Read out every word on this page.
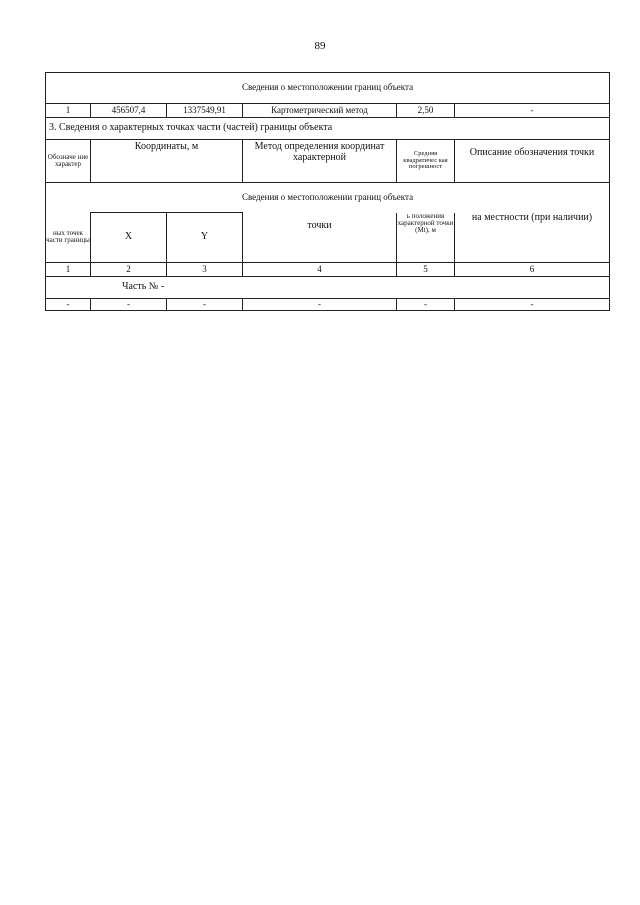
89
Сведения о местоположении границ объекта					
1	456507,4	1337549,91	Картометрический метод	2,50	-
3. Сведения о характерных точках части (частей) границы объекта					
Обозначе ние характер	Координаты, м		Метод определения координат характерной	Средняя квадратичес кая погрешност	Описание обозначения точки
Сведения о местоположении границ объекта					
ных точек части границы	X	Y	точки	ь положения характерной точки (Мt), м	на местности (при наличии)
1	2	3	4	5	6
Часть № -					
-	-	-	-	-	-
